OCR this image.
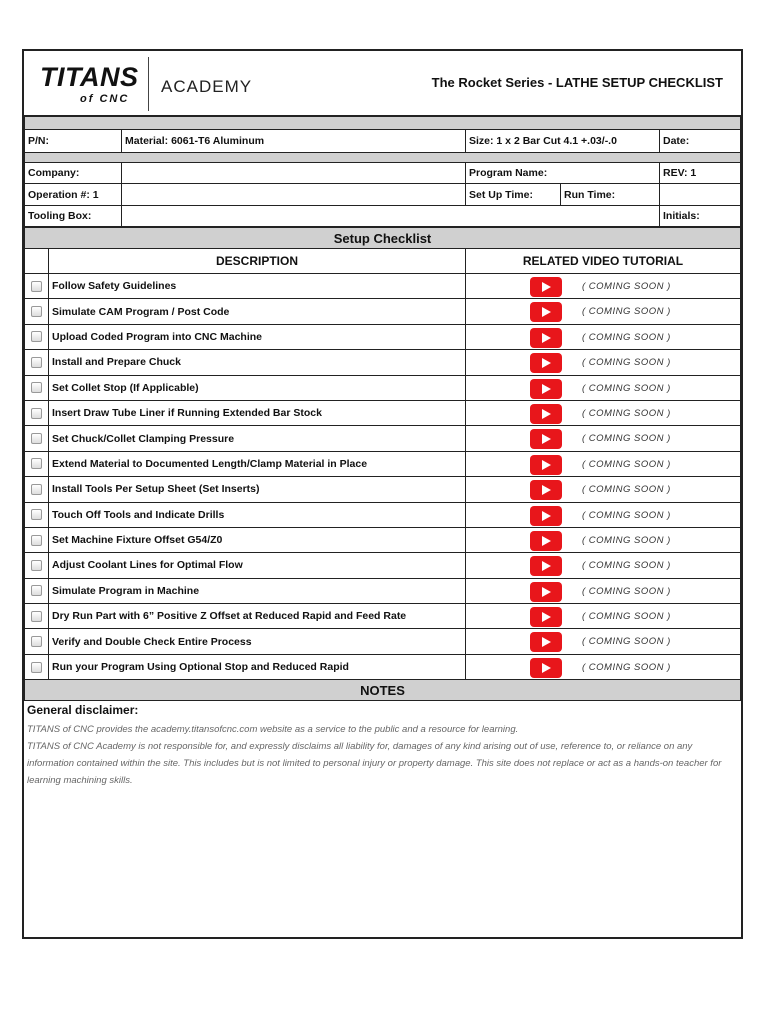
TITANS
of CNC
ACADEMY	The Rocket Series - LATHE SETUP CHECKLIST

P/N:	Material: 6061-T6 Aluminum	Size: 1 x 2 Bar Cut 4.1 +.03/-.0		Date:

Company:		Program Name:		REV: 1
Operation #: 1		Set Up Time:	Run Time:	
Tooling Box:				Initials:
Setup Checklist		
	DESCRIPTION	RELATED VIDEO TUTORIAL

	Follow Safety Guidelines	( COMING SOON )

	Simulate CAM Program / Post Code	( COMING SOON )

	Upload Coded Program into CNC Machine	( COMING SOON )

	Install and Prepare Chuck	( COMING SOON )

	Set Collet Stop (If Applicable)	( COMING SOON )

	Insert Draw Tube Liner if Running Extended Bar Stock	( COMING SOON )

	Set Chuck/Collet Clamping Pressure	( COMING SOON )

	Extend Material to Documented Length/Clamp Material in Place	( COMING SOON )

	Install Tools Per Setup Sheet (Set Inserts)	( COMING SOON )

	Touch Off Tools and Indicate Drills	( COMING SOON )

	Set Machine Fixture Offset G54/Z0	( COMING SOON )

	Adjust Coolant Lines for Optimal Flow	( COMING SOON )

	Simulate Program in Machine	( COMING SOON )

	Dry Run Part with 6” Positive Z Offset at Reduced Rapid and Feed Rate	( COMING SOON )

	Verify and Double Check Entire Process	( COMING SOON )

	Run your Program Using Optional Stop and Reduced Rapid	( COMING SOON )

NOTES		
General disclaimer:

TITANS of CNC provides the academy.titansofcnc.com website as a service to the public and a resource for learning.

TITANS of CNC Academy is not responsible for, and expressly disclaims all liability for, damages of any kind arising out of use, reference to, or reliance on any information contained within the site. This includes but is not limited to personal injury or property damage. This site does not replace or act as a hands-on teacher for learning machining skills.
